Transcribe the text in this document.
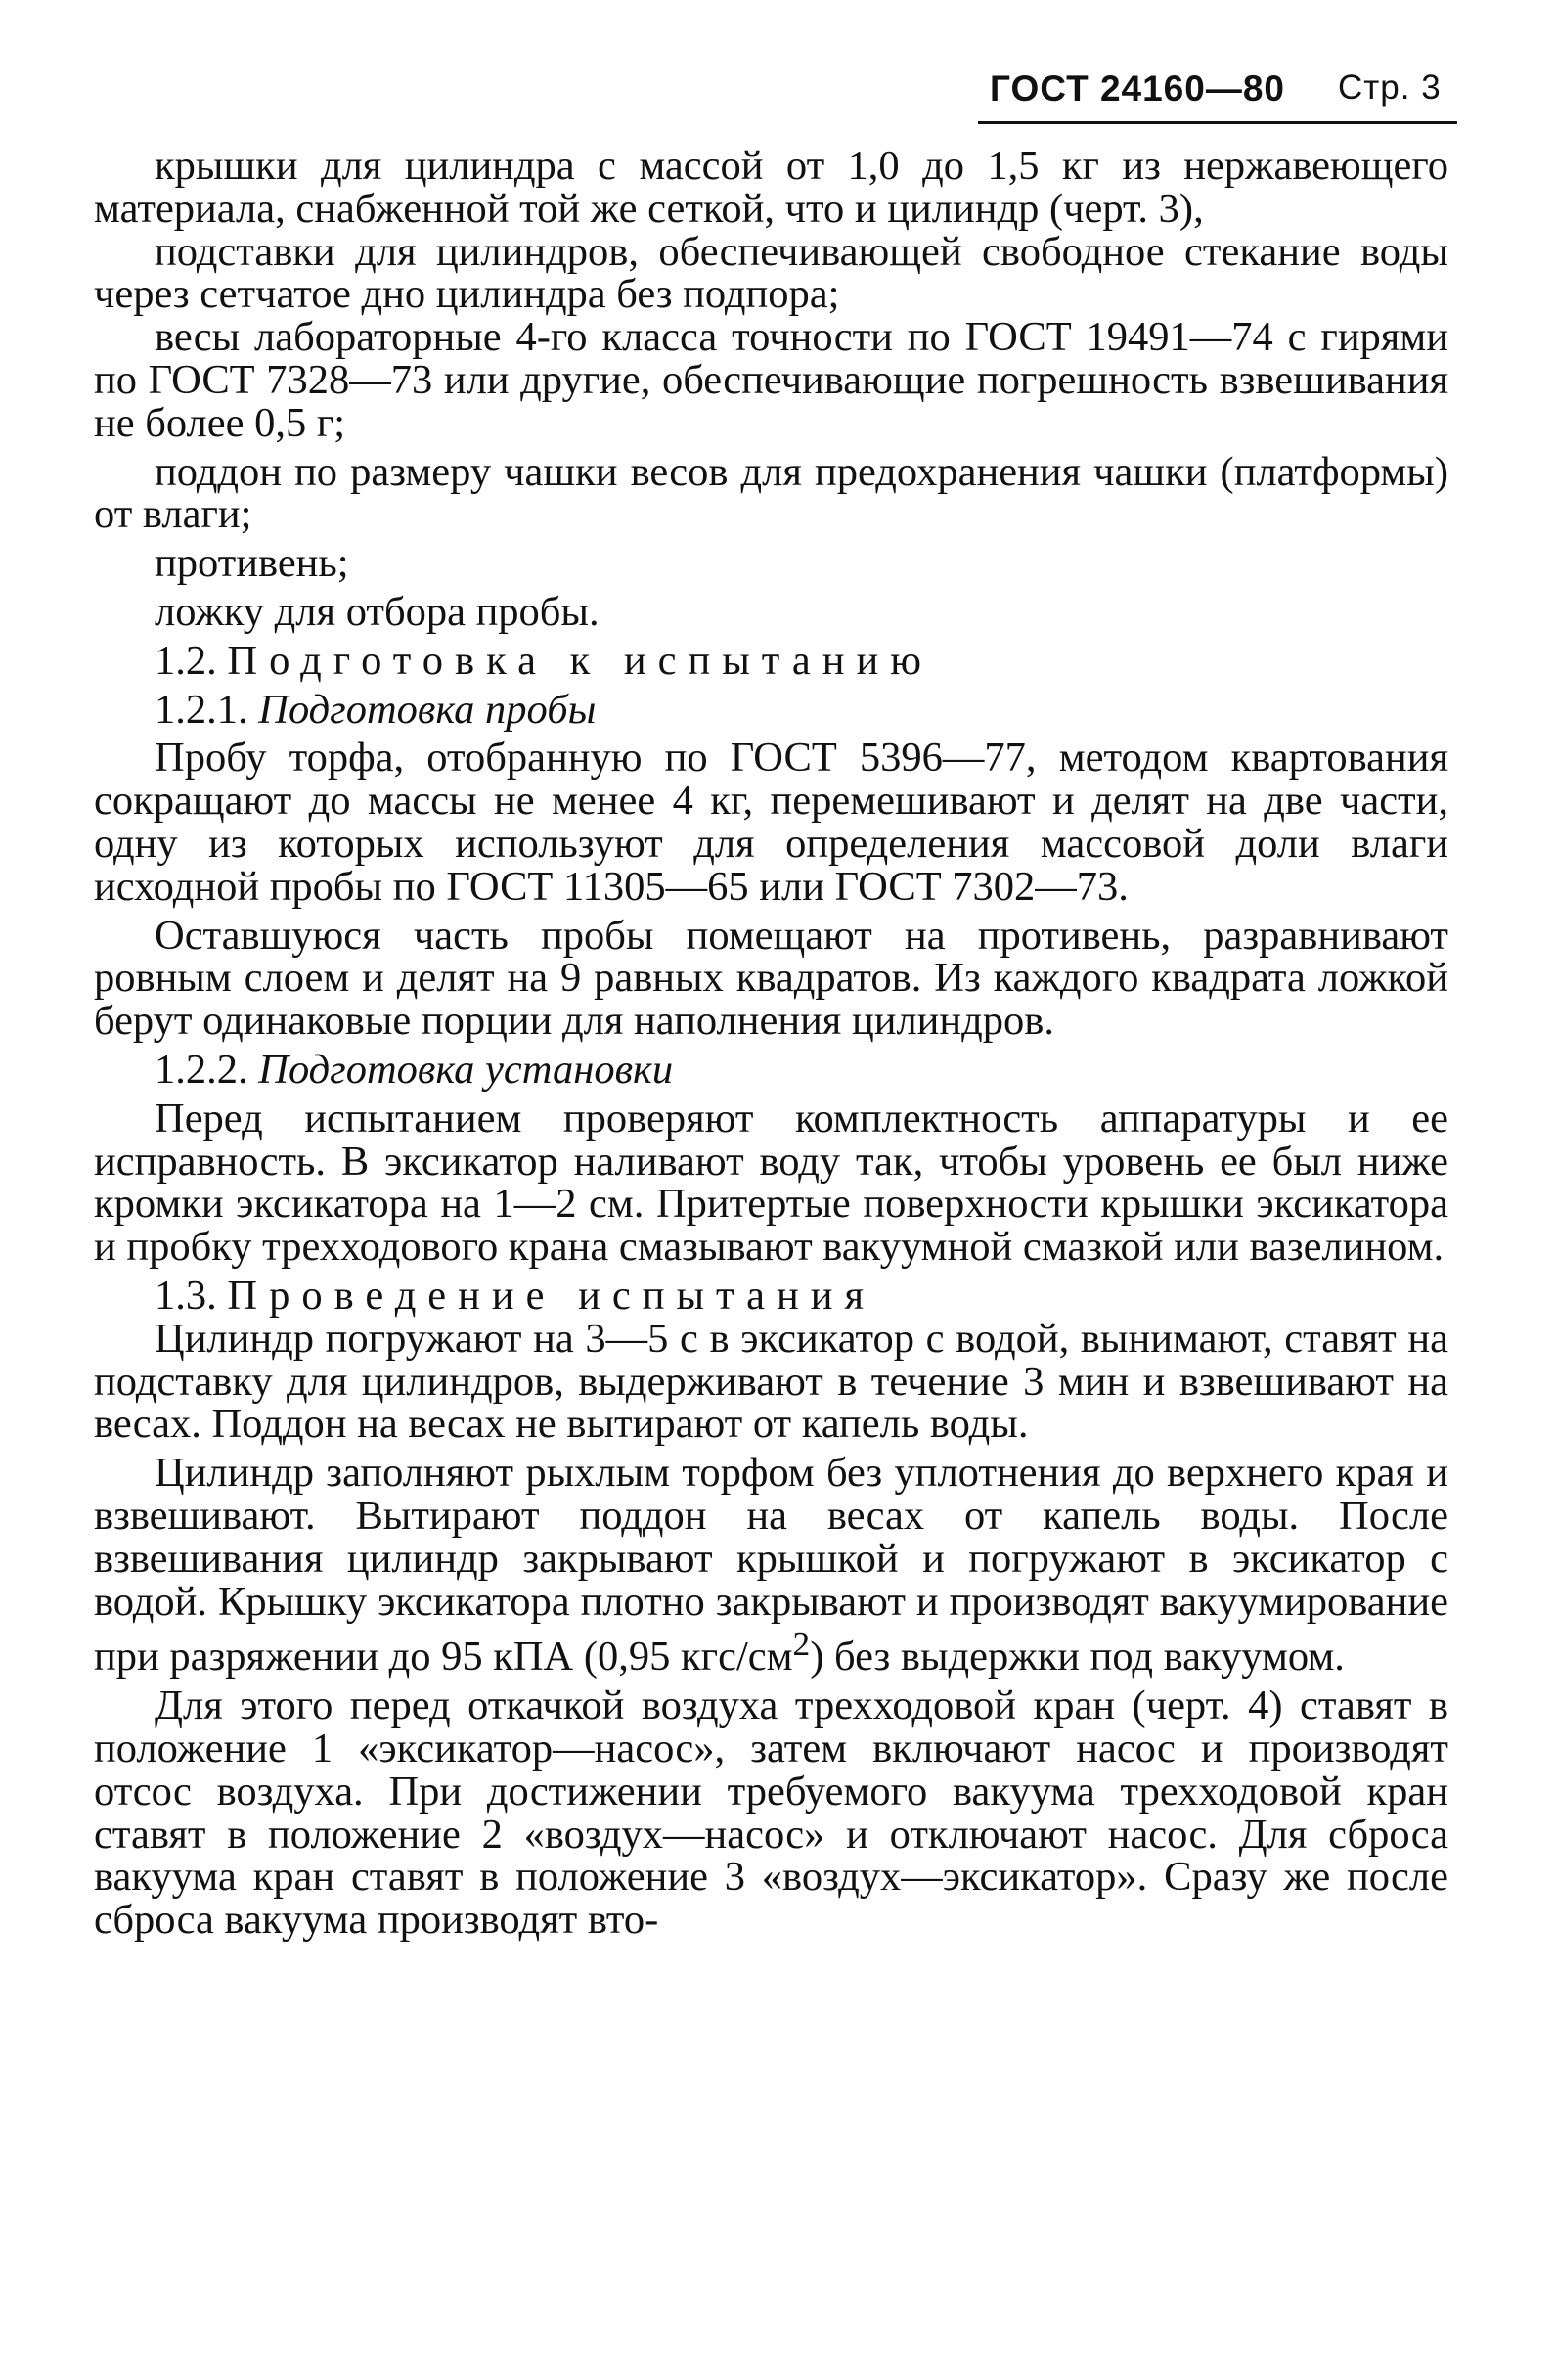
ГОСТ 24160—80 Стр. 3

крышки для цилиндра с массой от 1,0 до 1,5 кг из нержавеющего материала, снабженной той же сеткой, что и цилиндр (черт. 3),

подставки для цилиндров, обеспечивающей свободное стекание воды через сетчатое дно цилиндра без подпора;

весы лабораторные 4-го класса точности по ГОСТ 19491—74 с гирями по ГОСТ 7328—73 или другие, обеспечивающие погрешность взвешивания не более 0,5 г;

поддон по размеру чашки весов для предохранения чашки (платформы) от влаги;

противень;

ложку для отбора пробы.

1.2. Подготовка к испытанию

1.2.1. Подготовка пробы

Пробу торфа, отобранную по ГОСТ 5396—77, методом квартования сокращают до массы не менее 4 кг, перемешивают и делят на две части, одну из которых используют для определения массовой доли влаги исходной пробы по ГОСТ 11305—65 или ГОСТ 7302—73.

Оставшуюся часть пробы помещают на противень, разравнивают ровным слоем и делят на 9 равных квадратов. Из каждого квадрата ложкой берут одинаковые порции для наполнения цилиндров.

1.2.2. Подготовка установки

Перед испытанием проверяют комплектность аппаратуры и ее исправность. В эксикатор наливают воду так, чтобы уровень ее был ниже кромки эксикатора на 1—2 см. Притертые поверхности крышки эксикатора и пробку трехходового крана смазывают вакуумной смазкой или вазелином.

1.3. Проведение испытания

Цилиндр погружают на 3—5 с в эксикатор с водой, вынимают, ставят на подставку для цилиндров, выдерживают в течение 3 мин и взвешивают на весах. Поддон на весах не вытирают от капель воды.

Цилиндр заполняют рыхлым торфом без уплотнения до верхнего края и взвешивают. Вытирают поддон на весах от капель воды. После взвешивания цилиндр закрывают крышкой и погружают в эксикатор с водой. Крышку эксикатора плотно закрывают и производят вакуумирование при разряжении до 95 кПА (0,95 кгс/$см^2$) без выдержки под вакуумом.

Для этого перед откачкой воздуха трехходовой кран (черт. 4) ставят в положение 1 «эксикатор—насос», затем включают насос и производят отсос воздуха. При достижении требуемого вакуума трехходовой кран ставят в положение 2 «воздух—насос» и отключают насос. Для сброса вакуума кран ставят в положение 3 «воздух—эксикатор». Сразу же после сброса вакуума производят вто-
